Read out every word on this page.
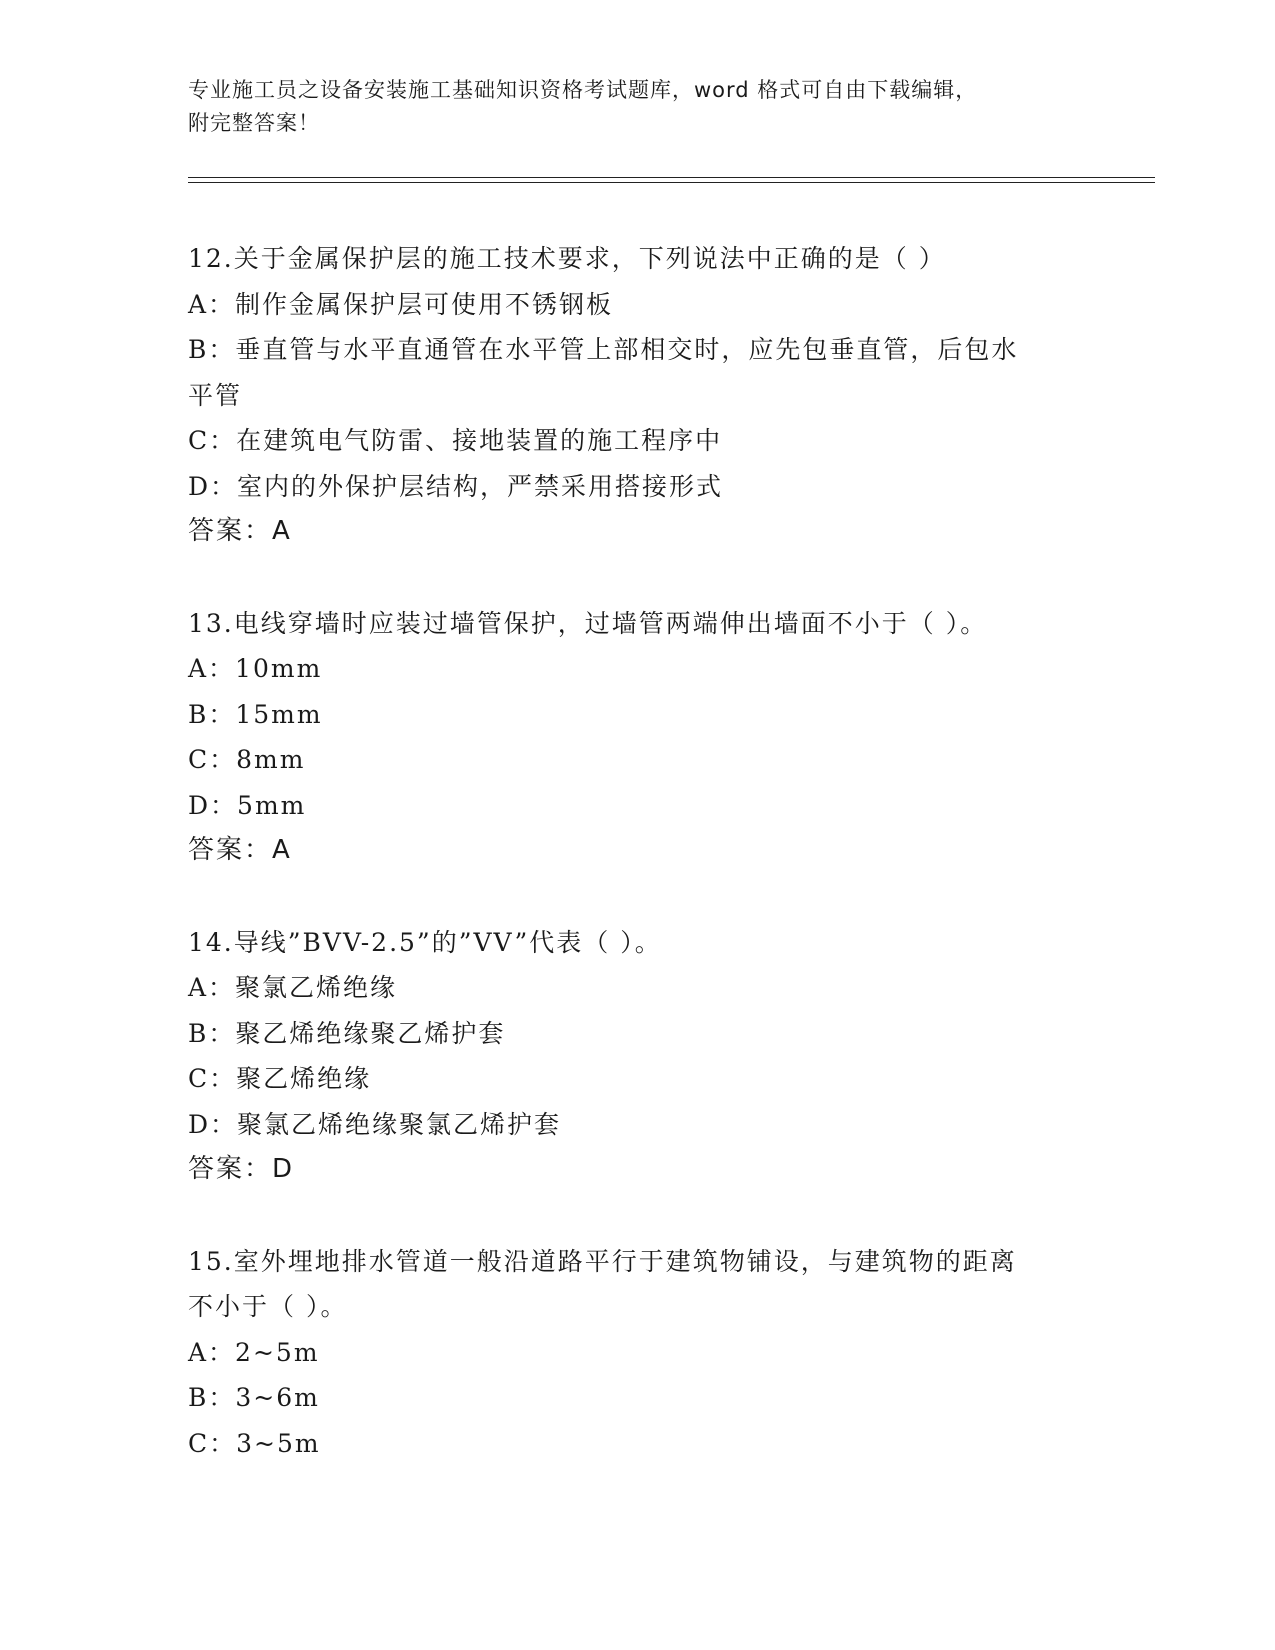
专业施工员之设备安装施工基础知识资格考试题库，word 格式可自由下载编辑，
附完整答案！
12.关于金属保护层的施工技术要求，下列说法中正确的是（ ）
A：制作金属保护层可使用不锈钢板
B：垂直管与水平直通管在水平管上部相交时，应先包垂直管，后包水
平管
C：在建筑电气防雷、接地装置的施工程序中
D：室内的外保护层结构，严禁采用搭接形式
答案：A
13.电线穿墙时应装过墙管保护，过墙管两端伸出墙面不小于（ ）。
A：10mm
B：15mm
C：8mm
D：5mm
答案：A
14.导线”BVV-2.5”的”VV”代表（ ）。
A：聚氯乙烯绝缘
B：聚乙烯绝缘聚乙烯护套
C：聚乙烯绝缘
D：聚氯乙烯绝缘聚氯乙烯护套
答案：D
15.室外埋地排水管道一般沿道路平行于建筑物铺设，与建筑物的距离
不小于（ ）。
A：2~5m
B：3~6m
C：3~5m
